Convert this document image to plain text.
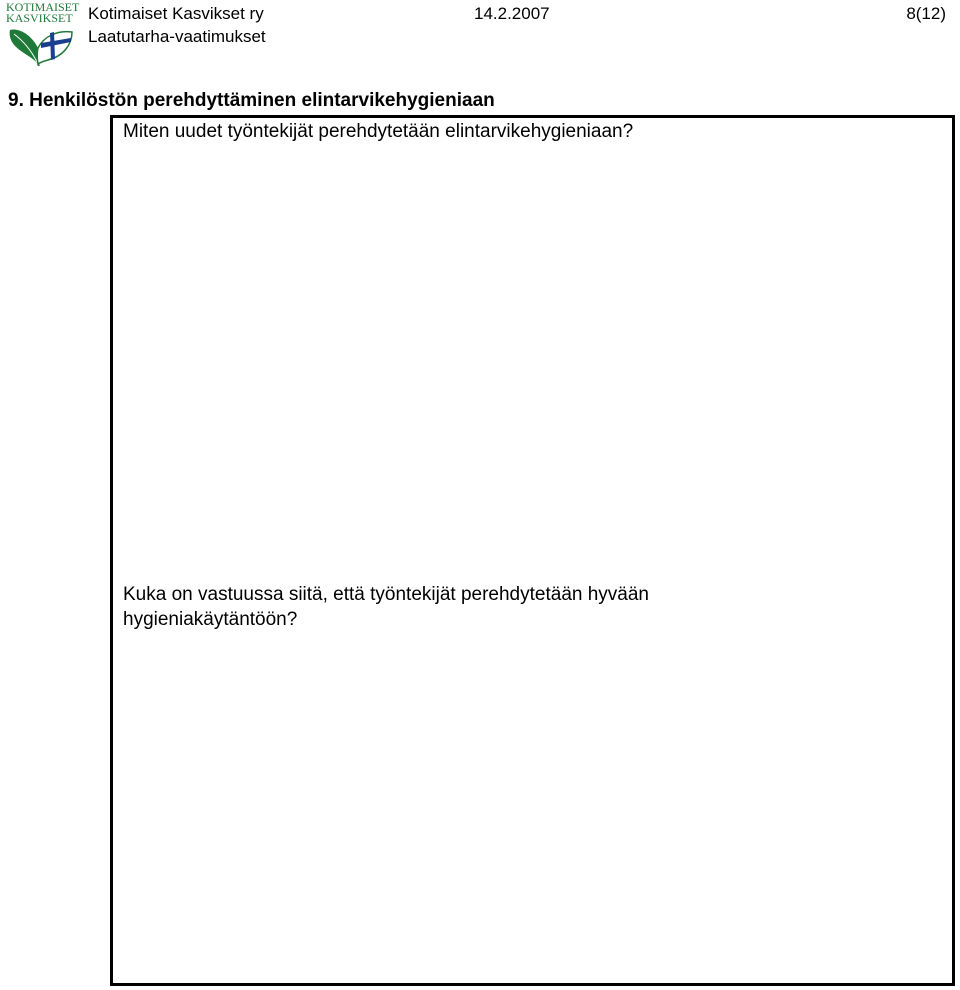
KOTIMAISET
KASVIKSET Kotimaiset Kasvikset ry
Laatutarha-vaatimukset
14.2.2007	8(12)
9. Henkilöstön perehdyttäminen elintarvikehygieniaan
Miten uudet työntekijät perehdytetään elintarvikehygieniaan?
Kuka on vastuussa siitä, että työntekijät perehdytetään hyvään hygieniakäytäntöön?
